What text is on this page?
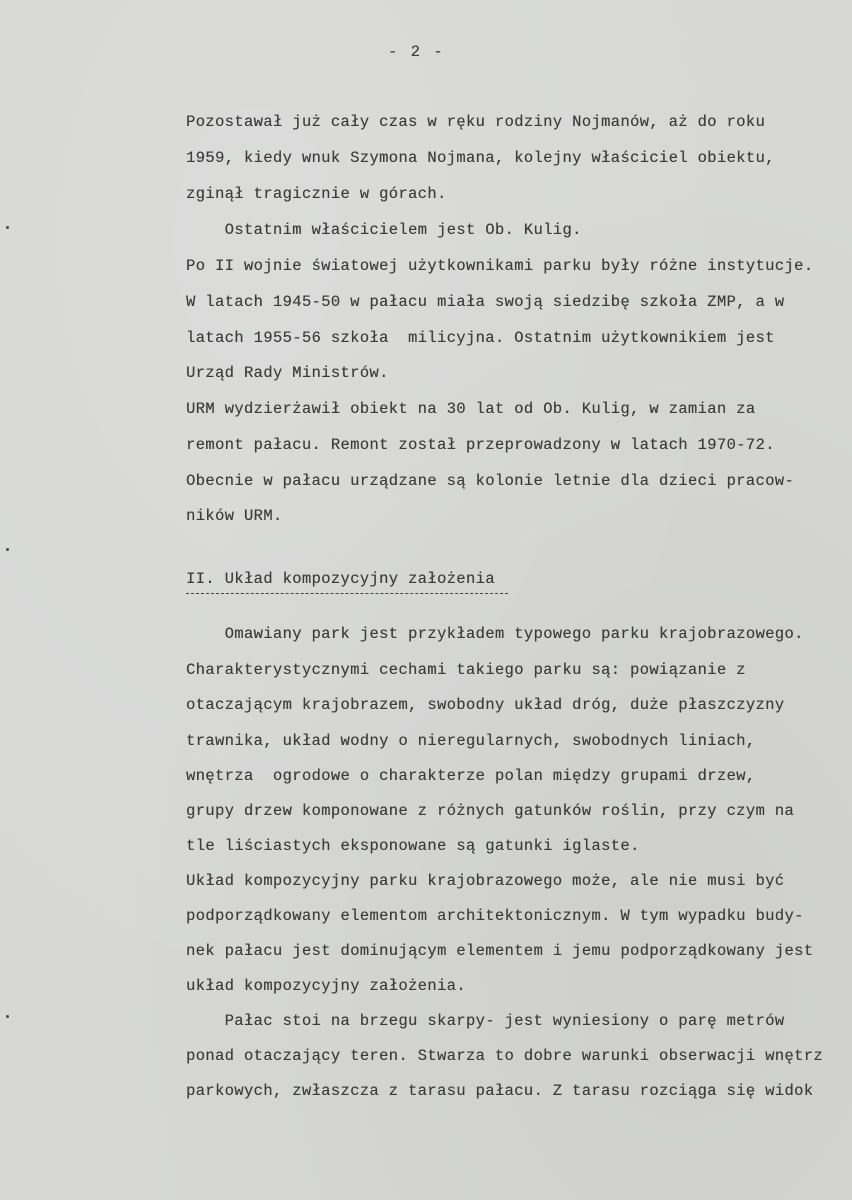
- 2 -
Pozostawał już cały czas w ręku rodziny Nojmanów, aż do roku
1959, kiedy wnuk Szymona Nojmana, kolejny właściciel obiektu,
zginął tragicznie w górach.
Ostatnim właścicielem jest Ob. Kulig.
Po II wojnie światowej użytkownikami parku były różne instytucje.
W latach 1945-50 w pałacu miała swoją siedzibę szkoła ZMP, a w
latach 1955-56 szkoła  milicyjna. Ostatnim użytkownikiem jest
Urząd Rady Ministrów.
URM wydzierżawił obiekt na 30 lat od Ob. Kulig, w zamian za
remont pałacu. Remont został przeprowadzony w latach 1970-72.
Obecnie w pałacu urządzane są kolonie letnie dla dzieci pracow-
ników URM.
II. Układ kompozycyjny założenia
Omawiany park jest przykładem typowego parku krajobrazowego.
Charakterystycznymi cechami takiego parku są: powiązanie z
otaczającym krajobrazem, swobodny układ dróg, duże płaszczyzny
trawnika, układ wodny o nieregularnych, swobodnych liniach,
wnętrza  ogrodowe o charakterze polan między grupami drzew,
grupy drzew komponowane z różnych gatunków roślin, przy czym na
tle liściastych eksponowane są gatunki iglaste.
Układ kompozycyjny parku krajobrazowego może, ale nie musi być
podporządkowany elementom architektonicznym. W tym wypadku budy-
nek pałacu jest dominującym elementem i jemu podporządkowany jest
układ kompozycyjny założenia.
Pałac stoi na brzegu skarpy- jest wyniesiony o parę metrów
ponad otaczający teren. Stwarza to dobre warunki obserwacji wnętrz
parkowych, zwłaszcza z tarasu pałacu. Z tarasu rozciąga się widok
